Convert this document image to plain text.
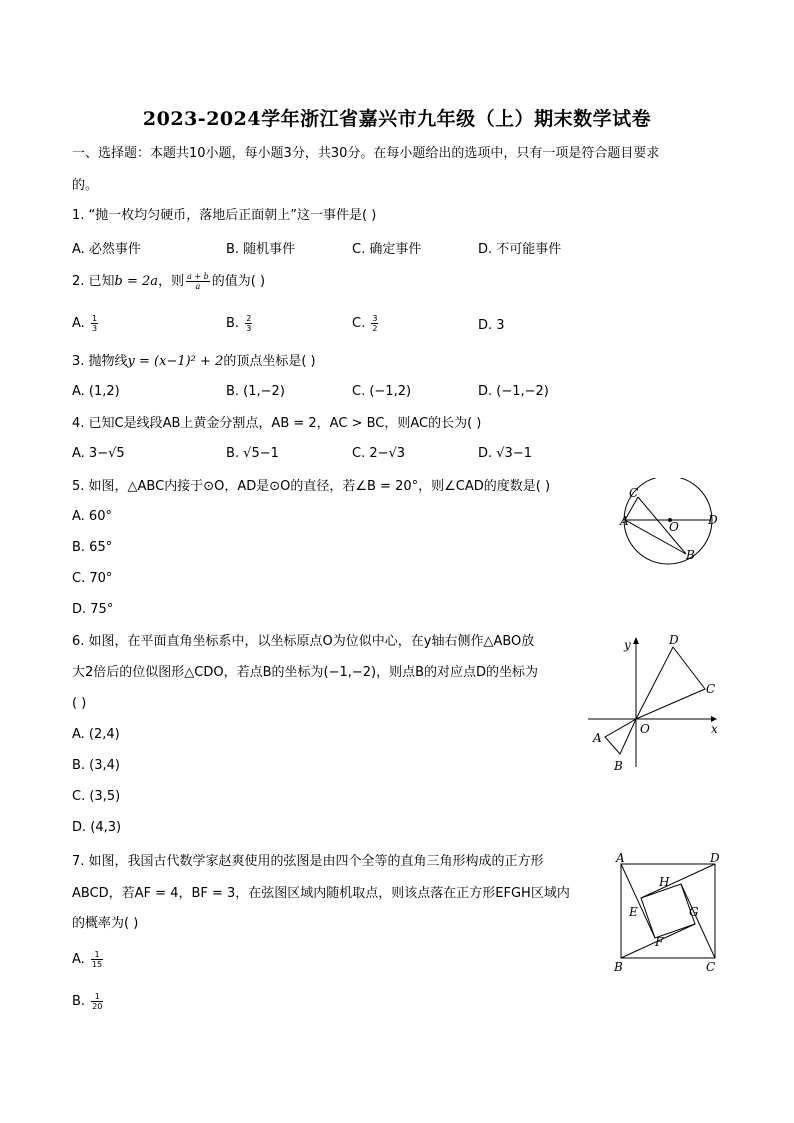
2023-2024学年浙江省嘉兴市九年级（上）期末数学试卷
一、选择题：本题共10小题，每小题3分，共30分。在每小题给出的选项中，只有一项是符合题目要求
的。
1. “抛一枚均匀硬币，落地后正面朝上”这一事件是( )
A. 必然事件	B. 随机事件	C. 确定事件	D. 不可能事件
2. 已知b = 2a，则 $\frac{a + b}{a}$ 的值为( )
A. $\frac{1}{3}$	B. $\frac{2}{3}$	C. $\frac{3}{2}$	D. 3
3. 抛物线y = (x−1)² + 2的顶点坐标是( )
A. (1,2)	B. (1,−2)	C. (−1,2)	D. (−1,−2)
4. 已知C是线段AB上黄金分割点，AB = 2，AC > BC，则AC的长为( )
A. 3−√5	B. √5−1	C. 2−√3	D. √3−1
5. 如图，△ABC内接于⊙O，AD是⊙O的直径，若∠B = 20°，则∠CAD的度数是( )
A. 60°
B. 65°
C. 70°
D. 75°
C
A	O D
B
6. 如图，在平面直角坐标系中，以坐标原点O为位似中心，在y轴右侧作△ABO放
大2倍后的位似图形△CDO，若点B的坐标为(−1,−2)，则点B的对应点D的坐标为
( )
A. (2,4)
B. (3,4)
C. (3,5)
D. (4,3)
D
C
y
O	x
A
B
7. 如图，我国古代数学家赵爽使用的弦图是由四个全等的直角三角形构成的正方形
ABCD，若AF = 4，BF = 3，在弦图区域内随机取点，则该点落在正方形EFGH区域内
的概率为( )
A. $\frac{1}{15}$
B. $\frac{1}{20}$
A	D
H
E	G
F
B	C
